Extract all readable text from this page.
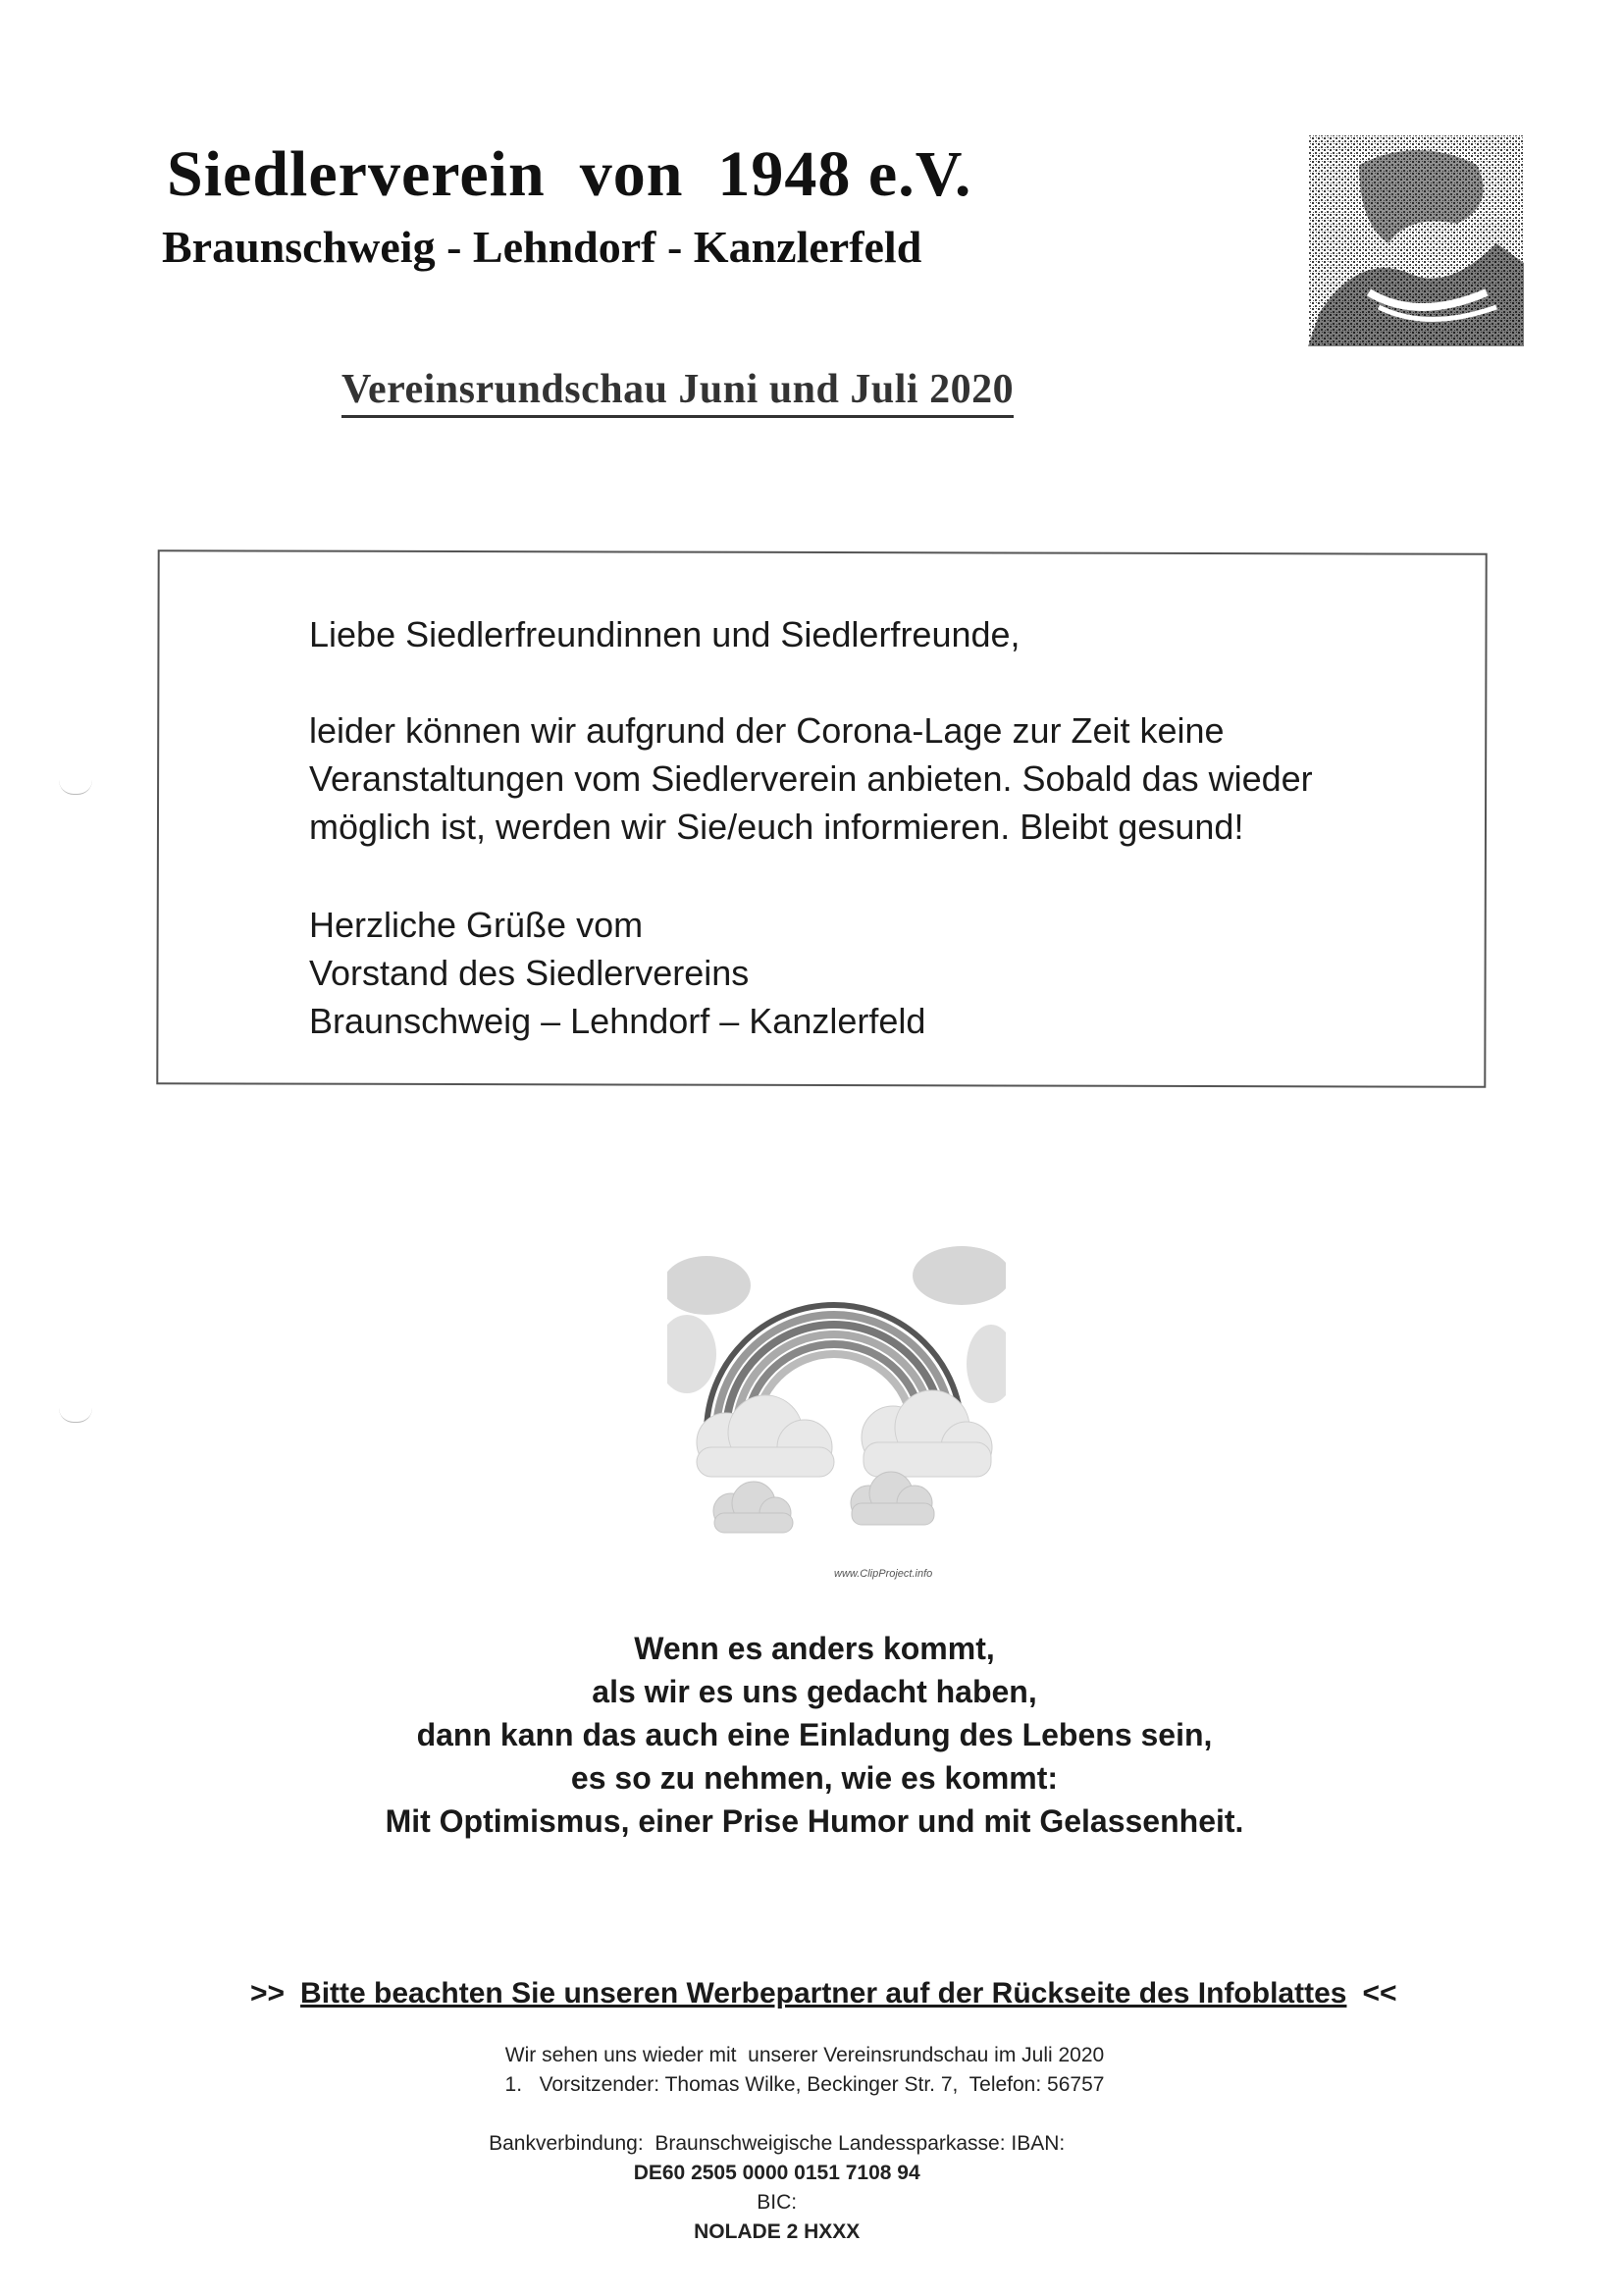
Siedlerverein  von  1948 e.V.
Braunschweig - Lehndorf - Kanzlerfeld
Vereinsrundschau Juni und Juli 2020
Liebe Siedlerfreundinnen und Siedlerfreunde,
leider können wir aufgrund der Corona-Lage zur Zeit keine
Veranstaltungen vom Siedlerverein anbieten. Sobald das wieder
möglich ist, werden wir Sie/euch informieren. Bleibt gesund!
Herzliche Grüße vom
Vorstand des Siedlervereins
Braunschweig – Lehndorf – Kanzlerfeld
www.ClipProject.info
Wenn es anders kommt,
als wir es uns gedacht haben,
dann kann das auch eine Einladung des Lebens sein,
es so zu nehmen, wie es kommt:
Mit Optimismus, einer Prise Humor und mit Gelassenheit.
>> Bitte beachten Sie unseren Werbepartner auf der Rückseite des Infoblattes <<
Wir sehen uns wieder mit  unserer Vereinsrundschau im Juli 2020
1.   Vorsitzender: Thomas Wilke, Beckinger Str. 7,  Telefon: 56757

Bankverbindung:  Braunschweigische Landessparkasse: IBAN:
DE60 2505 0000 0151 7108 94
BIC:
NOLADE 2 HXXX
